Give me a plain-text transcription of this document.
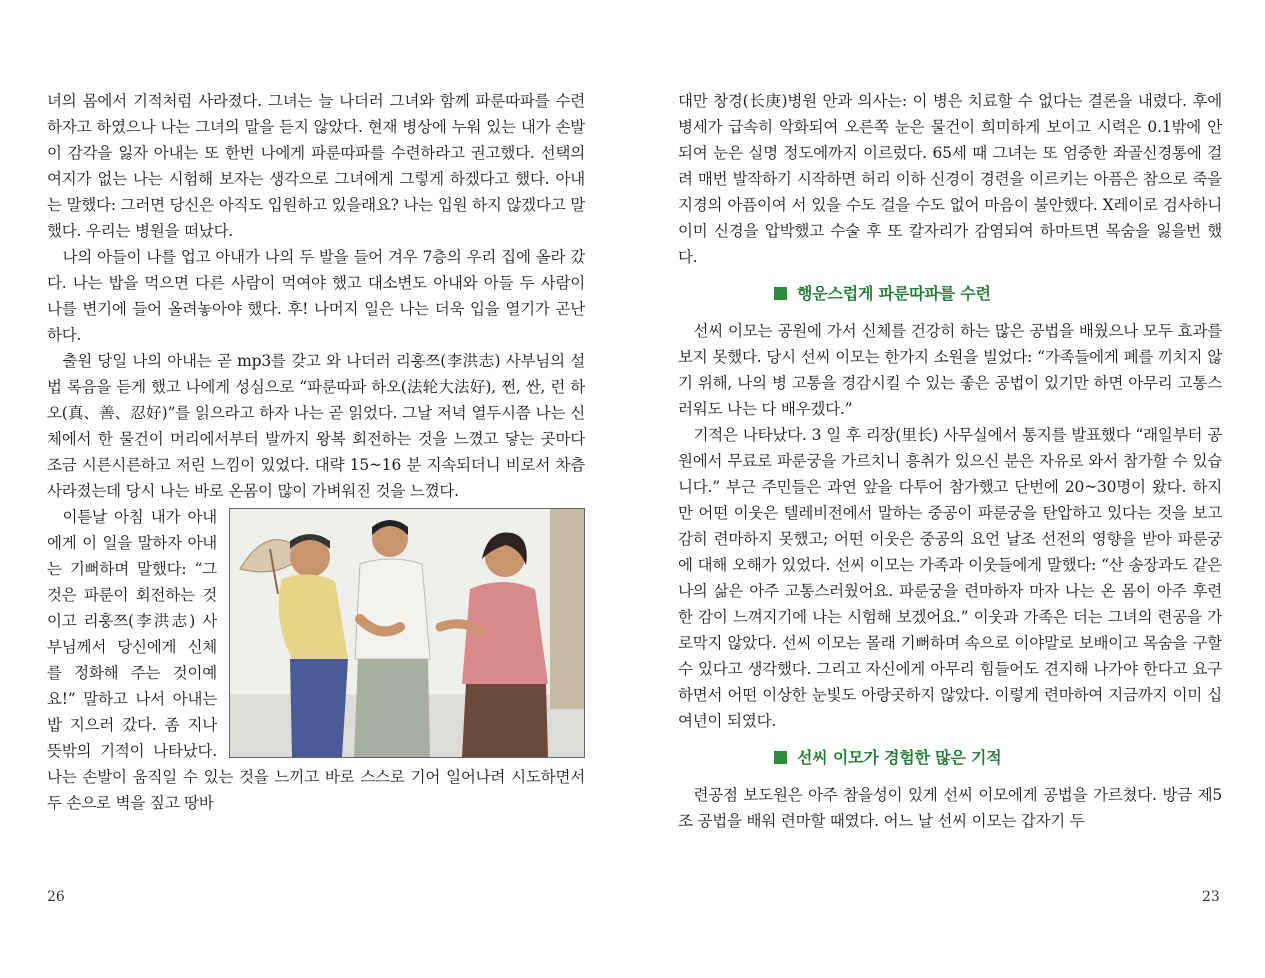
녀의 몸에서 기적처럼 사라졌다. 그녀는 늘 나더러 그녀와 함께 파룬따파를 수련하자고 하였으나 나는 그녀의 말을 듣지 않았다. 현재 병상에 누워 있는 내가 손발이 감각을 잃자 아내는 또 한번 나에게 파룬따파를 수련하라고 권고했다. 선택의 여지가 없는 나는 시험해 보자는 생각으로 그녀에게 그렇게 하겠다고 했다. 아내는 말했다: 그러면 당신은 아직도 입원하고 있을래요? 나는 입원 하지 않겠다고 말했다. 우리는 병원을 떠났다.

나의 아들이 나를 업고 아내가 나의 두 발을 들어 겨우 7층의 우리 집에 올라 갔다. 나는 밥을 먹으면 다른 사람이 먹여야 했고 대소변도 아내와 아들 두 사람이 나를 변기에 들어 올려놓아야 했다. 후! 나머지 일은 나는 더욱 입을 열기가 곤난하다.

출원 당일 나의 아내는 곧 mp3를 갖고 와 나더러 리훙쯔(李洪志) 사부님의 설법 록음을 듣게 했고 나에게 성심으로 “파룬따파 하오(法轮大法好), 쩐, 싼, 런 하오(真、善、忍好)”를 읽으라고 하자 나는 곧 읽었다. 그날 저녁 열두시쯤 나는 신체에서 한 물건이 머리에서부터 발까지 왕복 회전하는 것을 느꼈고 닿는 곳마다 조금 시른시른하고 저린 느낌이 있었다. 대략 15~16 분 지속되더니 비로서 차츰 사라졌는데 당시 나는 바로 온몸이 많이 가벼워진 것을 느꼈다.

이튿날 아침 내가 아내에게 이 일을 말하자 아내는 기뻐하며 말했다: “그것은 파룬이 회전하는 것이고 리훙쯔(李洪志) 사부님께서 당신에게 신체를 정화해 주는 것이예요!” 말하고 나서 아내는 밥 지으러 갔다. 좀 지나 뜻밖의 기적이 나타났다. 나는 손발이 움직일 수 있는 것을 느끼고 바로 스스로 기어 일어나려 시도하면서 두 손으로 벽을 짚고 땅바

26

대만 창경(长庚)병원 안과 의사는: 이 병은 치료할 수 없다는 결론을 내렸다. 후에 병세가 급속히 악화되여 오른쪽 눈은 물건이 희미하게 보이고 시력은 0.1밖에 안되여 눈은 실명 정도에까지 이르렀다. 65세 때 그녀는 또 엄중한 좌골신경통에 걸려 매번 발작하기 시작하면 허리 이하 신경이 경련을 이르키는 아픔은 참으로 죽을 지경의 아픔이여 서 있을 수도 걸을 수도 없어 마음이 불안했다. X레이로 검사하니 이미 신경을 압박했고 수술 후 또 칼자리가 감염되여 하마트면 목숨을 잃을번 했다.

행운스럽게 파룬따파를 수련

선씨 이모는 공원에 가서 신체를 건강히 하는 많은 공법을 배웠으나 모두 효과를 보지 못했다. 당시 선씨 이모는 한가지 소원을 빌었다: “가족들에게 폐를 끼치지 않기 위해, 나의 병 고통을 경감시킬 수 있는 좋은 공법이 있기만 하면 아무리 고통스러워도 나는 다 배우겠다.”

기적은 나타났다. 3 일 후 리장(里长) 사무실에서 통지를 발표했다 “래일부터 공원에서 무료로 파룬궁을 가르치니 흥취가 있으신 분은 자유로 와서 참가할 수 있습니다.” 부근 주민들은 과연 앞을 다투어 참가했고 단번에 20~30명이 왔다. 하지만 어떤 이웃은 텔레비전에서 말하는 중공이 파룬궁을 탄압하고 있다는 것을 보고 감히 련마하지 못했고; 어떤 이웃은 중공의 요언 날조 선전의 영향을 받아 파룬궁에 대해 오해가 있었다. 선씨 이모는 가족과 이웃들에게 말했다: “산 송장과도 같은 나의 삶은 아주 고통스러웠어요. 파룬궁을 련마하자 마자 나는 온 몸이 아주 후련한 감이 느껴지기에 나는 시험해 보겠어요.” 이웃과 가족은 더는 그녀의 련공을 가로막지 않았다. 선씨 이모는 몰래 기뻐하며 속으로 이야말로 보배이고 목숨을 구할 수 있다고 생각했다. 그리고 자신에게 아무리 힘들어도 견지해 나가야 한다고 요구하면서 어떤 이상한 눈빛도 아랑곳하지 않았다. 이렇게 련마하여 지금까지 이미 십여년이 되였다.

선씨 이모가 경험한 많은 기적

련공점 보도원은 아주 참을성이 있게 선씨 이모에게 공법을 가르쳤다. 방금 제5조 공법을 배워 련마할 때였다. 어느 날 선씨 이모는 갑자기 두

23
